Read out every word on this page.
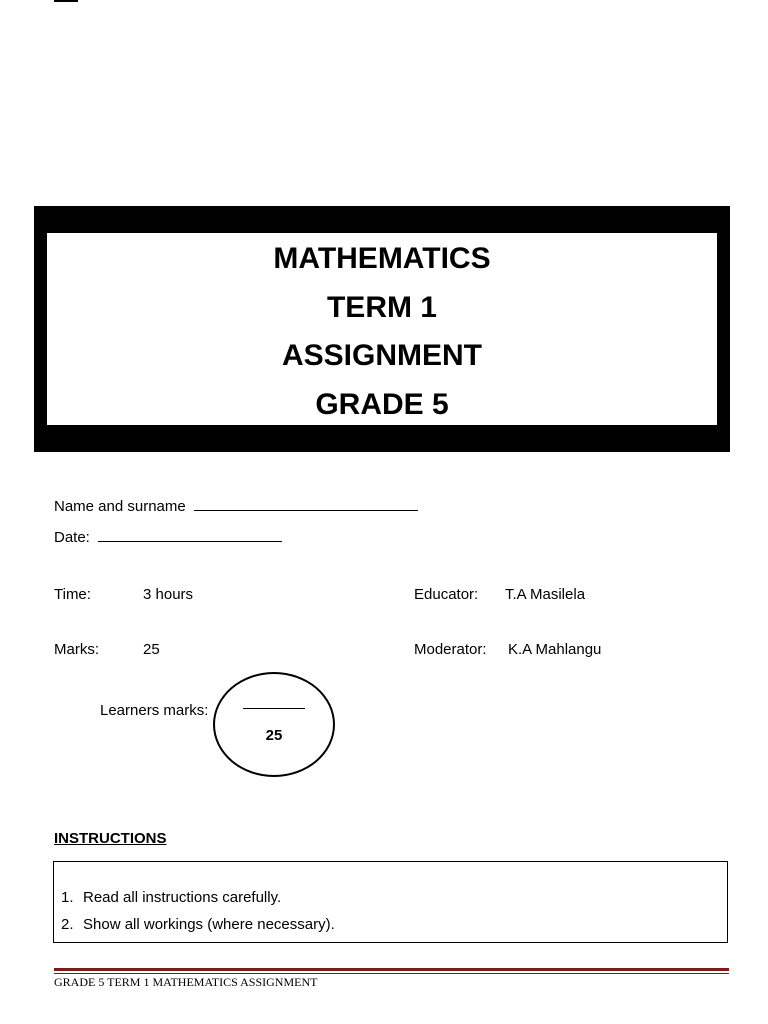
MATHEMATICS
TERM 1
ASSIGNMENT
GRADE 5
Name and surname
Date:
Time:	3 hours	Educator: T.A Masilela
Marks:	25	Moderator: K.A Mahlangu
Learners marks:
25
INSTRUCTIONS
1. Read all instructions carefully.
2. Show all workings (where necessary).
GRADE 5 TERM 1 MATHEMATICS ASSIGNMENT
